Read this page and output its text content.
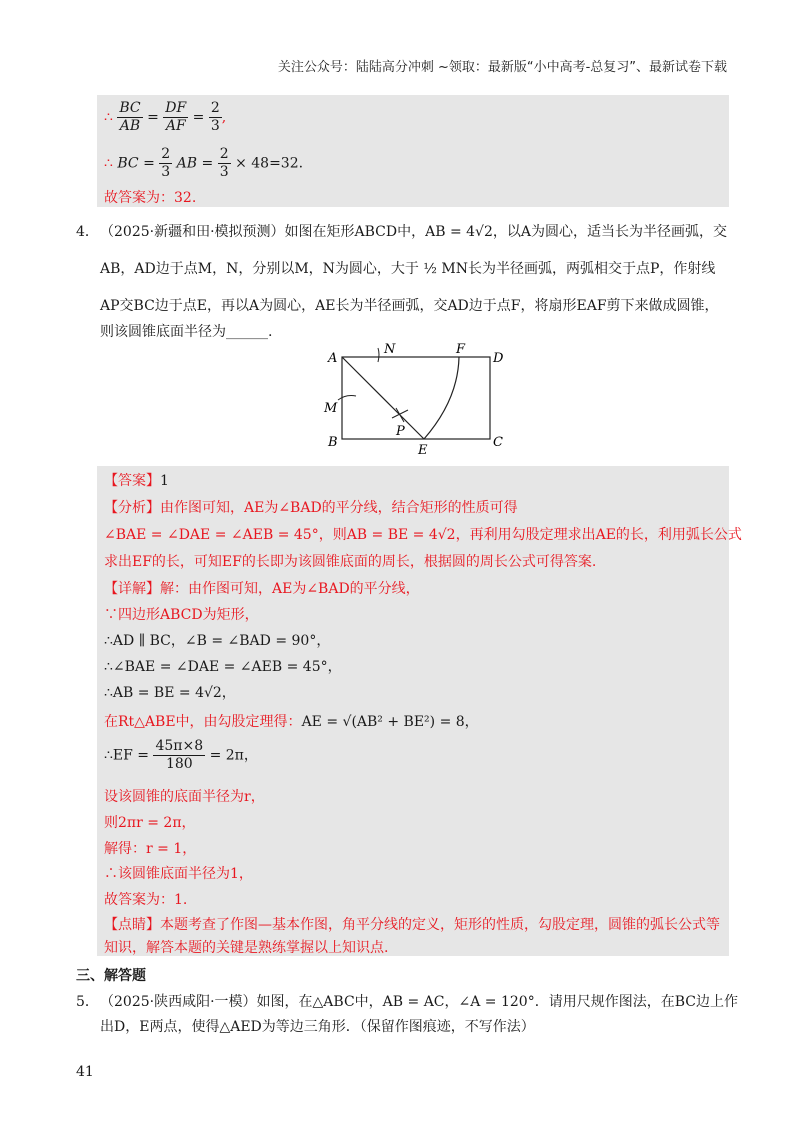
关注公众号：陆陆高分冲刺 ~领取：最新版“小中高考-总复习”、最新试卷下载
∴ $\frac{BC}{AB} = \frac{DF}{AF} = \frac{2}{3}$ ,
∴ BC = $\frac{2}{3}$ AB = $\frac{2}{3} \times 48=32$.
故答案为：32.
4． （2025·新疆和田·模拟预测）如图在矩形ABCD中，AB = 4√2，以A为圆心，适当长为半径画弧，交
AB，AD边于点M，N，分别以M，N为圆心，大于 ½ MN长为半径画弧，两弧相交于点P，作射线
AP交BC边于点E，再以A为圆心，AE长为半径画弧，交AD边于点F，将扇形EAF剪下来做成圆锥，
则该圆锥底面半径为______.
A
N	F
D
M
P
B
E
C
【答案】1
【分析】由作图可知，AE为∠BAD的平分线，结合矩形的性质可得
∠BAE = ∠DAE = ∠AEB = 45°，则AB = BE = 4√2，再利用勾股定理求出AE的长，利用弧长公式
求出EF的长，可知EF的长即为该圆锥底面的周长，根据圆的周长公式可得答案.
【详解】解：由作图可知，AE为∠BAD的平分线，
∵四边形ABCD为矩形，
∴AD ∥ BC，∠B = ∠BAD = 90°，
∴∠BAE = ∠DAE = ∠AEB = 45°，
∴AB = BE = 4√2，
在Rt△ABE中，由勾股定理得：AE = √(AB² + BE²) = 8，
∴EF = $\frac{45\pi\times 8}{180} = 2\pi$，
设该圆锥的底面半径为r，
则2πr = 2π，
解得：r = 1，
∴该圆锥底面半径为1，
故答案为：1.
【点睛】本题考查了作图—基本作图，角平分线的定义，矩形的性质，勾股定理，圆锥的弧长公式等
知识，解答本题的关键是熟练掌握以上知识点.
三、解答题
5． （2025·陕西咸阳·一模）如图，在△ABC中，AB = AC，∠A = 120°．请用尺规作图法，在BC边上作
出D，E两点，使得△AED为等边三角形．（保留作图痕迹，不写作法）
41
